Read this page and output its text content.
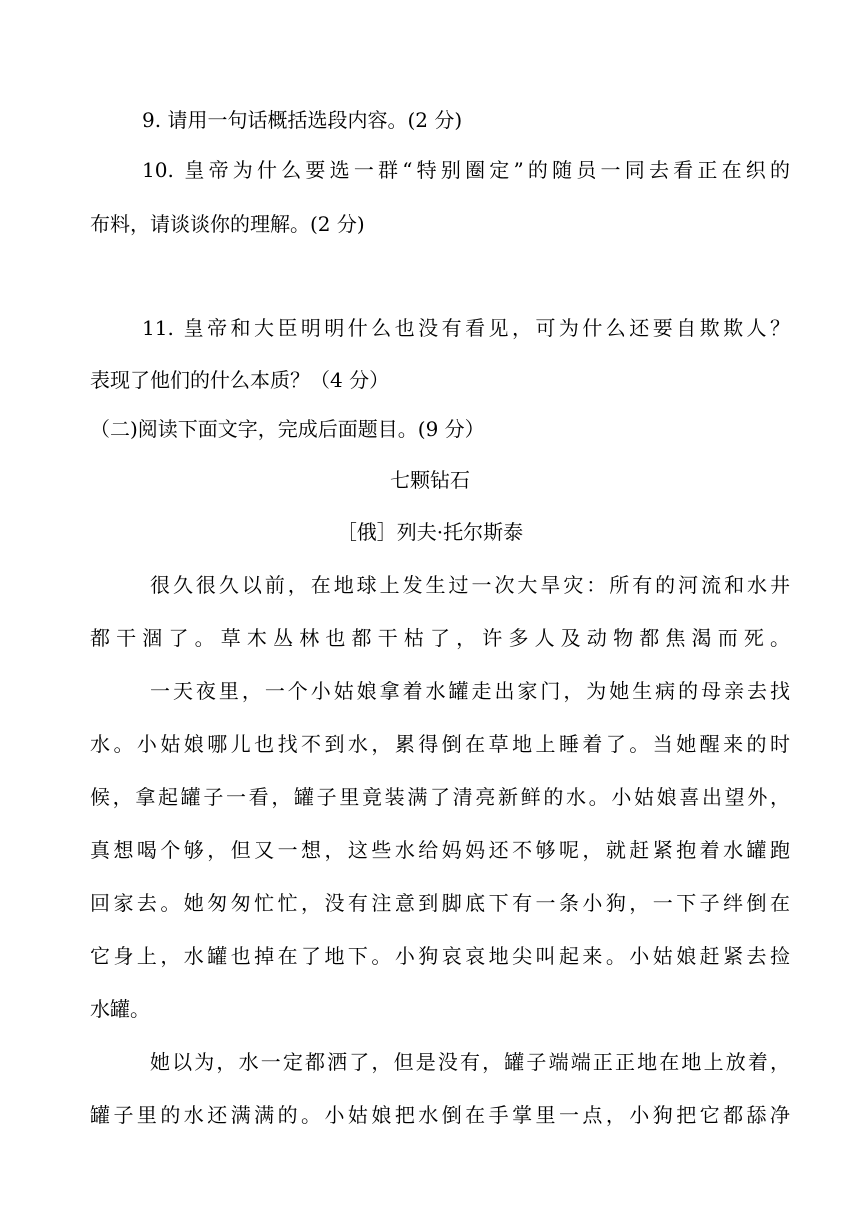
9. 请用一句话概括选段内容。(2 分)
10. 皇帝为什么要选一群“特别圈定”的随员一同去看正在织的
布料，请谈谈你的理解。(2 分)
11. 皇帝和大臣明明什么也没有看见，可为什么还要自欺欺人？
表现了他们的什么本质？（4 分）
（二)阅读下面文字，完成后面题目。(9 分）
七颗钻石
［俄］列夫·托尔斯泰
很久很久以前，在地球上发生过一次大旱灾：所有的河流和水井
都干涸了。草木丛林也都干枯了，许多人及动物都焦渴而死。
一天夜里，一个小姑娘拿着水罐走出家门，为她生病的母亲去找
水。小姑娘哪儿也找不到水，累得倒在草地上睡着了。当她醒来的时
候，拿起罐子一看，罐子里竟装满了清亮新鲜的水。小姑娘喜出望外，
真想喝个够，但又一想，这些水给妈妈还不够呢，就赶紧抱着水罐跑
回家去。她匆匆忙忙，没有注意到脚底下有一条小狗，一下子绊倒在
它身上，水罐也掉在了地下。小狗哀哀地尖叫起来。小姑娘赶紧去捡
水罐。
她以为，水一定都洒了，但是没有，罐子端端正正地在地上放着，
罐子里的水还满满的。小姑娘把水倒在手掌里一点，小狗把它都舔净
